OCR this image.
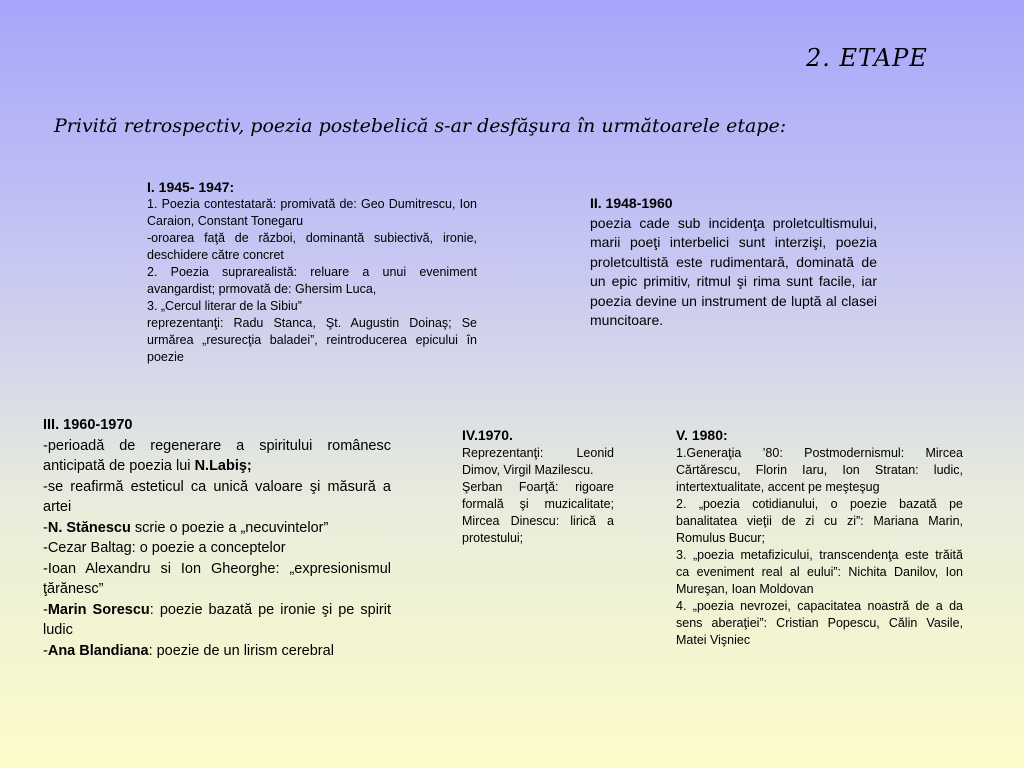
2. ETAPE
Privită retrospectiv, poezia postebelică s-ar desfăşura în următoarele etape:
I. 1945- 1947:
1. Poezia contestatară: promivată de: Geo Dumitrescu, Ion Caraion, Constant Tonegaru
-oroarea faţă de război, dominantă subiectivă, ironie, deschidere către concret
2. Poezia suprarealistă: reluare a unui eveniment avangardist; prmovată de: Ghersim Luca,
3. „Cercul literar de la Sibiu”
reprezentanţi: Radu Stanca, Şt. Augustin Doinaş; Se urmărea „resurecţia baladei”, reintroducerea epicului în poezie
II. 1948-1960
poezia cade sub incidenţa proletcultismului, marii poeţi interbelici sunt interzişi, poezia proletcultistă este rudimentară, dominată de un epic primitiv, ritmul şi rima sunt facile, iar poezia devine un instrument de luptă al clasei muncitoare.
III. 1960-1970
-perioadă de regenerare a spiritului românesc anticipată de poezia lui N.Labiş;
-se reafirmă esteticul ca unică valoare şi măsură a artei
-N. Stănescu scrie o poezie a „necuvintelor”
-Cezar Baltag: o poezie a conceptelor
-Ioan Alexandru si Ion Gheorghe: „expresionismul ţărănesc”
-Marin Sorescu: poezie bazată pe ironie şi pe spirit ludic
-Ana Blandiana: poezie de un lirism cerebral
IV.1970.
Reprezentanţi: Leonid Dimov, Virgil Mazilescu.
Şerban Foarţă: rigoare formală şi muzicalitate; Mircea Dinescu: lirică a protestului;
V. 1980:
1.Generaţia ’80: Postmodernismul: Mircea Cărtărescu, Florin Iaru, Ion Stratan: ludic, intertextualitate, accent pe meşteşug
2. „poezia cotidianului, o poezie bazată pe banalitatea vieţii de zi cu zi”: Mariana Marin, Romulus Bucur;
3. „poezia metafizicului, transcendenţa este trăită ca eveniment real al eului”: Nichita Danilov, Ion Mureşan, Ioan Moldovan
4. „poezia nevrozei, capacitatea noastră de a da sens aberaţiei”: Cristian Popescu, Călin Vasile, Matei Vişniec
